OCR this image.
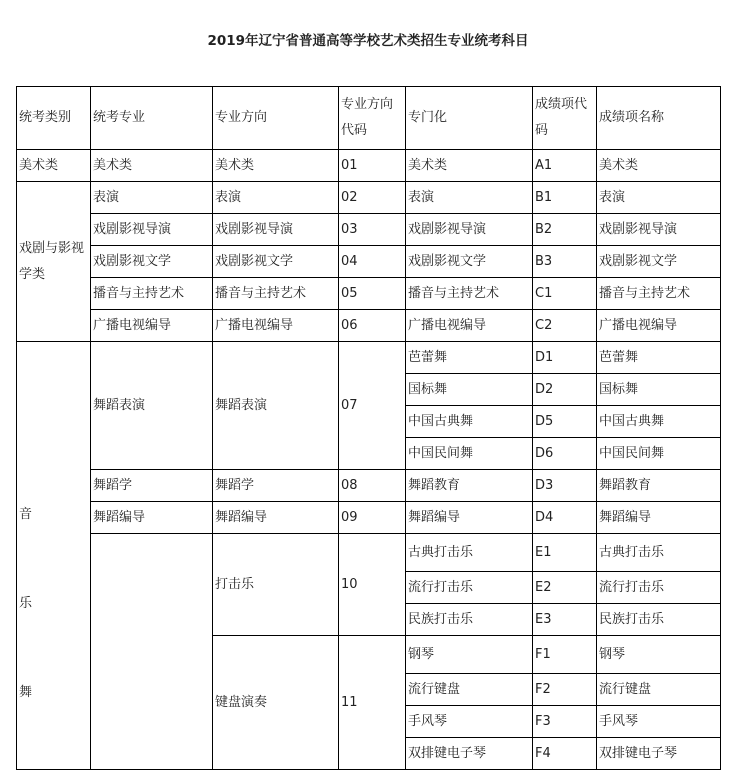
2019年辽宁省普通高等学校艺术类招生专业统考科目
统考类别	统考专业	专业方向	专业方向代码	专门化	成绩项代码	成绩项名称
美术类	美术类	美术类	01	美术类	A1	美术类
戏剧与影视学类	表演	表演	02	表演	B1	表演
	戏剧影视导演	戏剧影视导演	03	戏剧影视导演	B2	戏剧影视导演
	戏剧影视文学	戏剧影视文学	04	戏剧影视文学	B3	戏剧影视文学
	播音与主持艺术	播音与主持艺术	05	播音与主持艺术	C1	播音与主持艺术
	广播电视编导	广播电视编导	06	广播电视编导	C2	广播电视编导

音
乐
舞	舞蹈表演	舞蹈表演	07	芭蕾舞	D1	芭蕾舞
				国标舞	D2	国标舞
				中国古典舞	D5	中国古典舞
				中国民间舞	D6	中国民间舞
	舞蹈学	舞蹈学	08	舞蹈教育	D3	舞蹈教育
	舞蹈编导	舞蹈编导	09	舞蹈编导	D4	舞蹈编导
		打击乐	10	古典打击乐	E1	古典打击乐
				流行打击乐	E2	流行打击乐
				民族打击乐	E3	民族打击乐
		键盘演奏	11	钢琴	F1	钢琴
				流行键盘	F2	流行键盘
				手风琴	F3	手风琴
				双排键电子琴	F4	双排键电子琴
